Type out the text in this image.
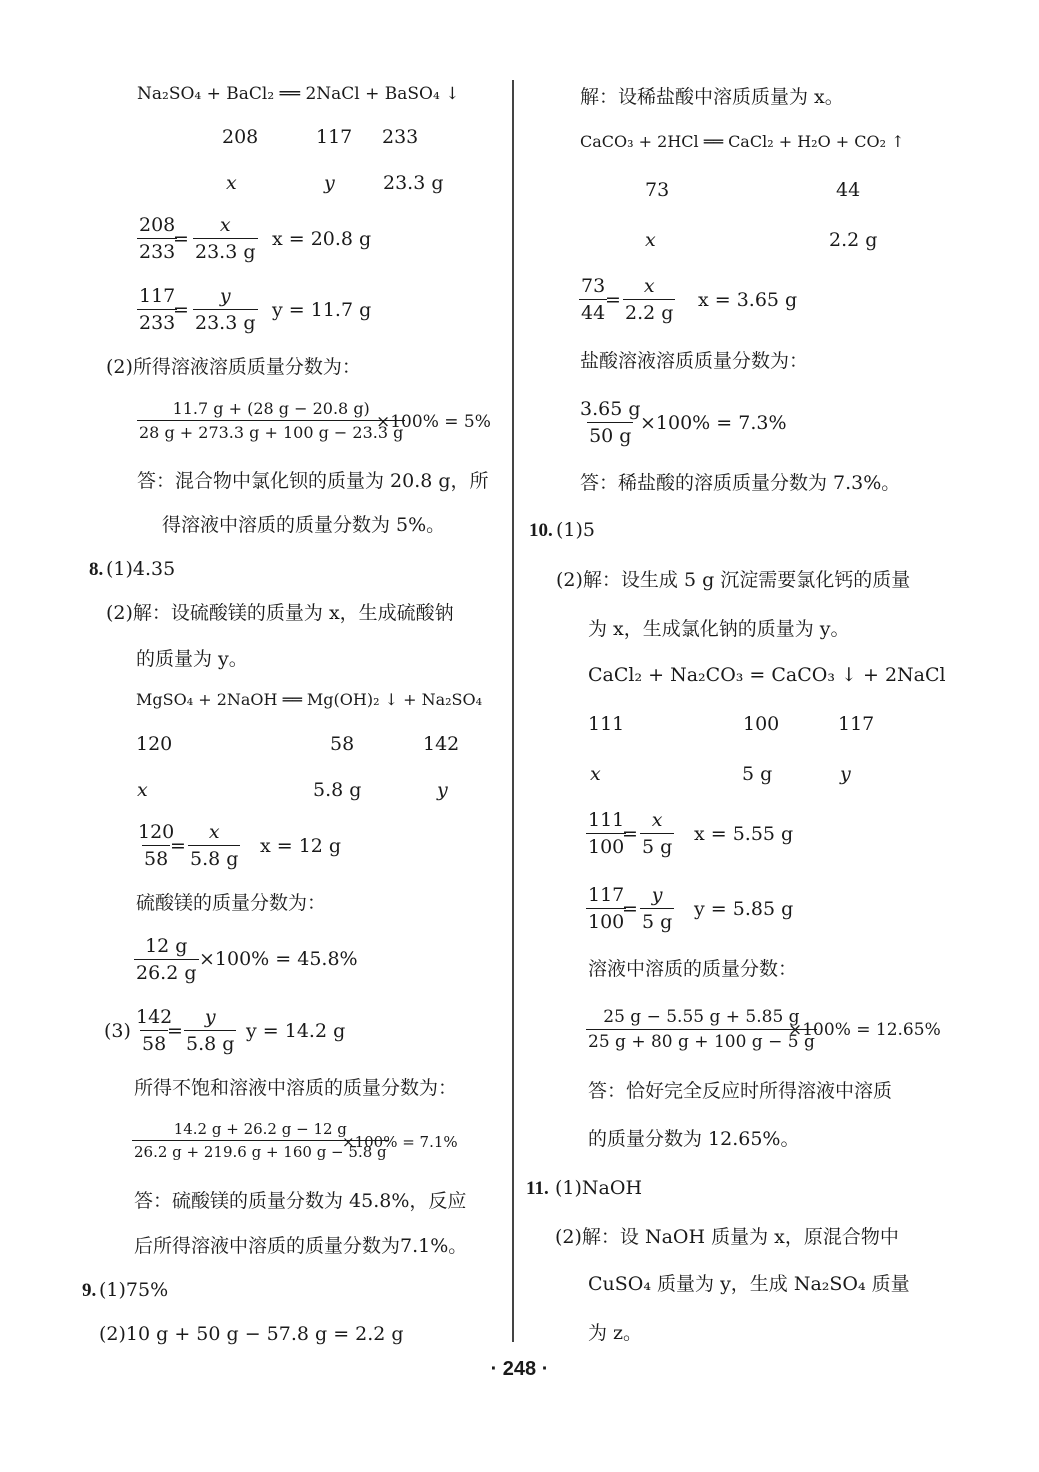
Na₂SO₄ + BaCl₂ ══ 2NaCl + BaSO₄ ↓
208	117 233
x	y	23.3 g
$\frac{208}{233}$
= $\frac{x}{23.3 g}$ x = 20.8 g
$\frac{117}{233}$
= $\frac{y}{23.3 g}$ y = 11.7 g
(2)所得溶液溶质质量分数为：
$\frac{11.7 g + (28 g - 20.8 g)}{28 g + 273.3 g + 100 g - 23.3 g}$
×100% = 5%
答：混合物中氯化钡的质量为 20.8 g，所
得溶液中溶质的质量分数为 5%。
8. (1)4.35
(2)解：设硫酸镁的质量为 x，生成硫酸钠
的质量为 y。
MgSO₄ + 2NaOH ══ Mg(OH)₂ ↓ + Na₂SO₄
120	58	142
x	5.8 g	y
$\frac{120}{58}$
= $\frac{x}{5.8 g}$ x = 12 g
硫酸镁的质量分数为：
$\frac{12 g}{26.2 g} \times 100\% = 45.8\%$
$(3) \frac{142}{58}$
= $\frac{y}{5.8 g}$ y = 14.2 g
所得不饱和溶液中溶质的质量分数为：
$\frac{14.2 g + 26.2 g - 12 g}{26.2 g + 219.6 g + 160 g - 5.8 g}$
×100% = 7.1%
答：硫酸镁的质量分数为 45.8%，反应
后所得溶液中溶质的质量分数为7.1%。
9. (1)75%
(2)10 g + 50 g − 57.8 g = 2.2 g
解：设稀盐酸中溶质质量为 x。
CaCO₃ + 2HCl ══ CaCl₂ + H₂O + CO₂ ↑
73	44
x	2.2 g
$\frac{73}{44}$
= $\frac{x}{2.2 g}$ x = 3.65 g
盐酸溶液溶质质量分数为：
$\frac{3.65 g}{50 g}$
×100% = 7.3%
答：稀盐酸的溶质质量分数为 7.3%。
10. (1)5
(2)解：设生成 5 g 沉淀需要氯化钙的质量
为 x，生成氯化钠的质量为 y。
CaCl₂ + Na₂CO₃ = CaCO₃ ↓ + 2NaCl
111	100	117
x	5 g	y
$\frac{111}{100}$
= $\frac{x}{5 g}$ x = 5.55 g
$\frac{117}{100}$
= $\frac{y}{5 g}$ y = 5.85 g
溶液中溶质的质量分数：
$\frac{25 g - 5.55 g + 5.85 g}{25 g + 80 g + 100 g - 5 g}$
×100% = 12.65%
答：恰好完全反应时所得溶液中溶质
的质量分数为 12.65%。
11. (1)NaOH
(2)解：设 NaOH 质量为 x，原混合物中
CuSO₄ 质量为 y，生成 Na₂SO₄ 质量
为 z。
· 248 ·
